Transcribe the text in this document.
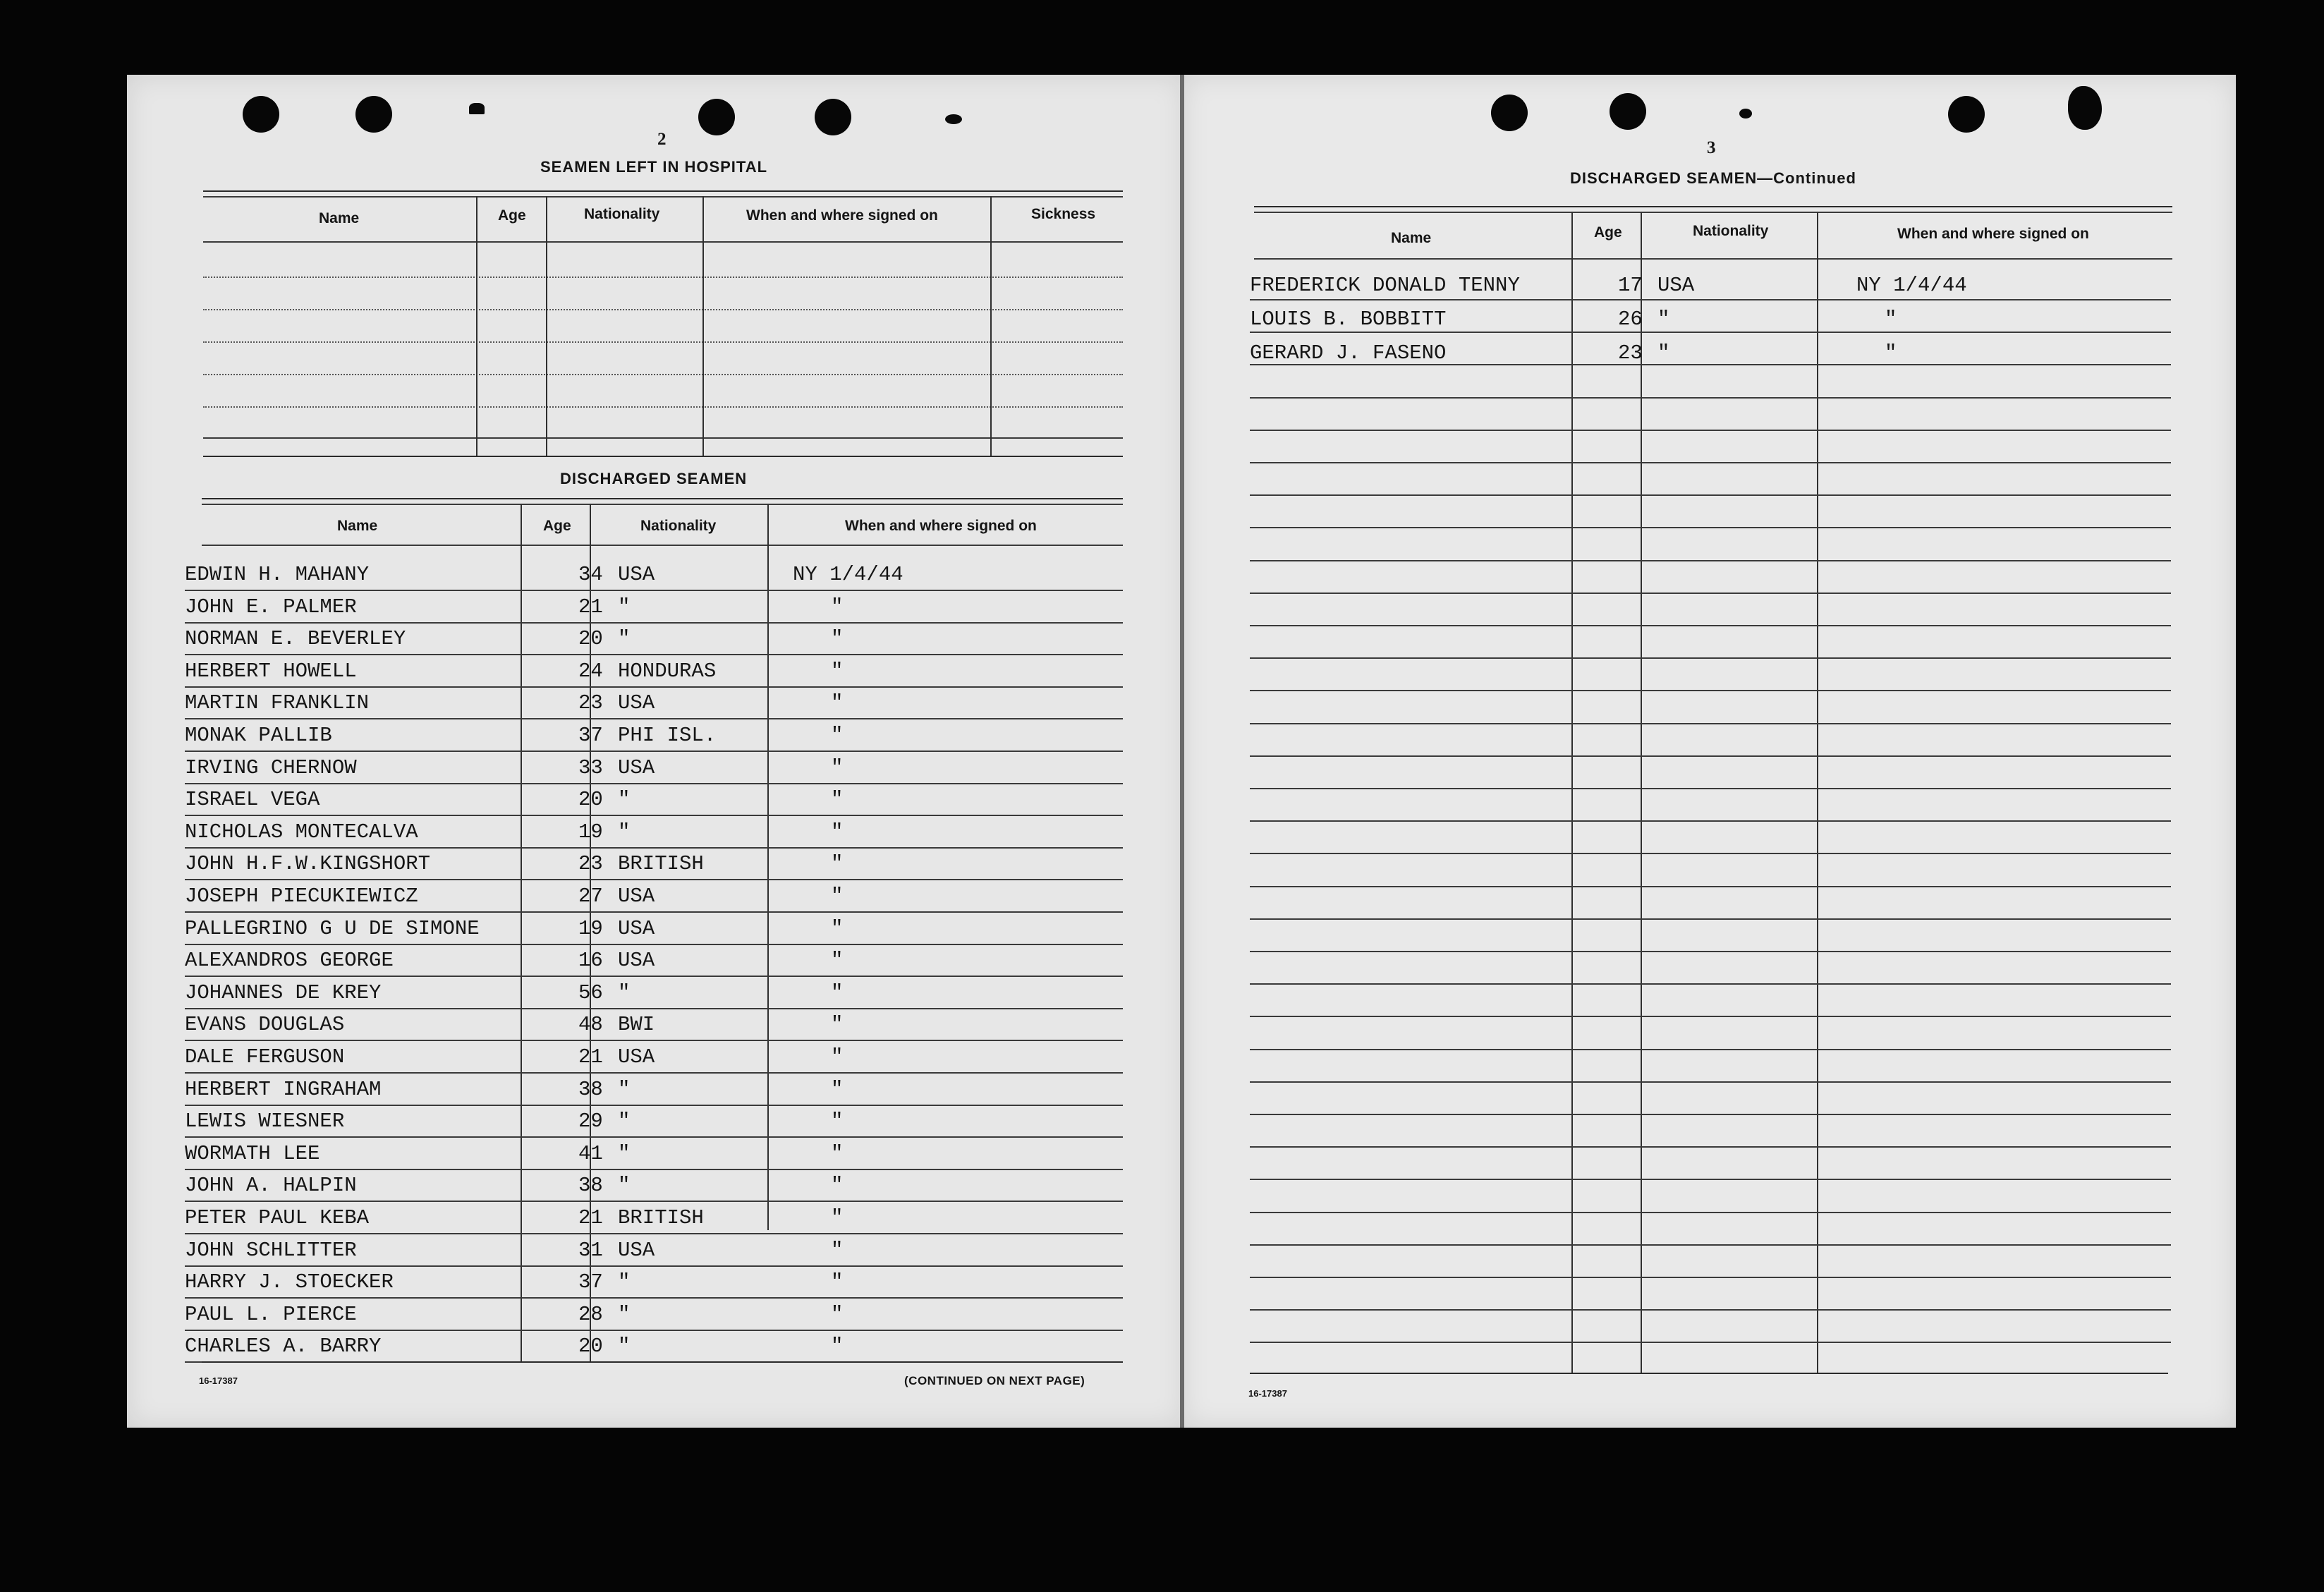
2
SEAMEN LEFT IN HOSPITAL
Name	Age	Nationality	When and where signed on	Sickness
DISCHARGED SEAMEN
Name	Age	Nationality	When and where signed on
EDWIN H. MAHANY	34 USA	NY 1/4/44
JOHN E. PALMER	21 "	"
NORMAN E. BEVERLEY	20 "	"
HERBERT HOWELL	24 HONDURAS	"
MARTIN FRANKLIN	23 USA	"
MONAK PALLIB	37 PHI ISL.	"
IRVING CHERNOW	33 USA	"
ISRAEL VEGA	20 "	"
NICHOLAS MONTECALVA	19 "	"
JOHN H.F.W.KINGSHORT	23 BRITISH	"
JOSEPH PIECUKIEWICZ	27 USA	"
PALLEGRINO G U DE SIMONE	19 USA	"
ALEXANDROS GEORGE	16 USA	"
JOHANNES DE KREY	56 "	"
EVANS DOUGLAS	48 BWI	"
DALE FERGUSON	21 USA	"
HERBERT INGRAHAM	38 "	"
LEWIS WIESNER	29 "	"
WORMATH LEE	41 "	"
JOHN A. HALPIN	38 "	"
PETER PAUL KEBA	21 BRITISH	"
JOHN SCHLITTER	31 USA	"
HARRY J. STOECKER	37 "	"
PAUL L. PIERCE	28 "	"
CHARLES A. BARRY	20 "	"
16-17387	(CONTINUED ON NEXT PAGE)
3
DISCHARGED SEAMEN—Continued
Name	Age	Nationality	When and where signed on
FREDERICK DONALD TENNY	17 USA	NY 1/4/44
LOUIS B. BOBBITT	26 "	"
GERARD J. FASENO	23 "	"
16-17387
